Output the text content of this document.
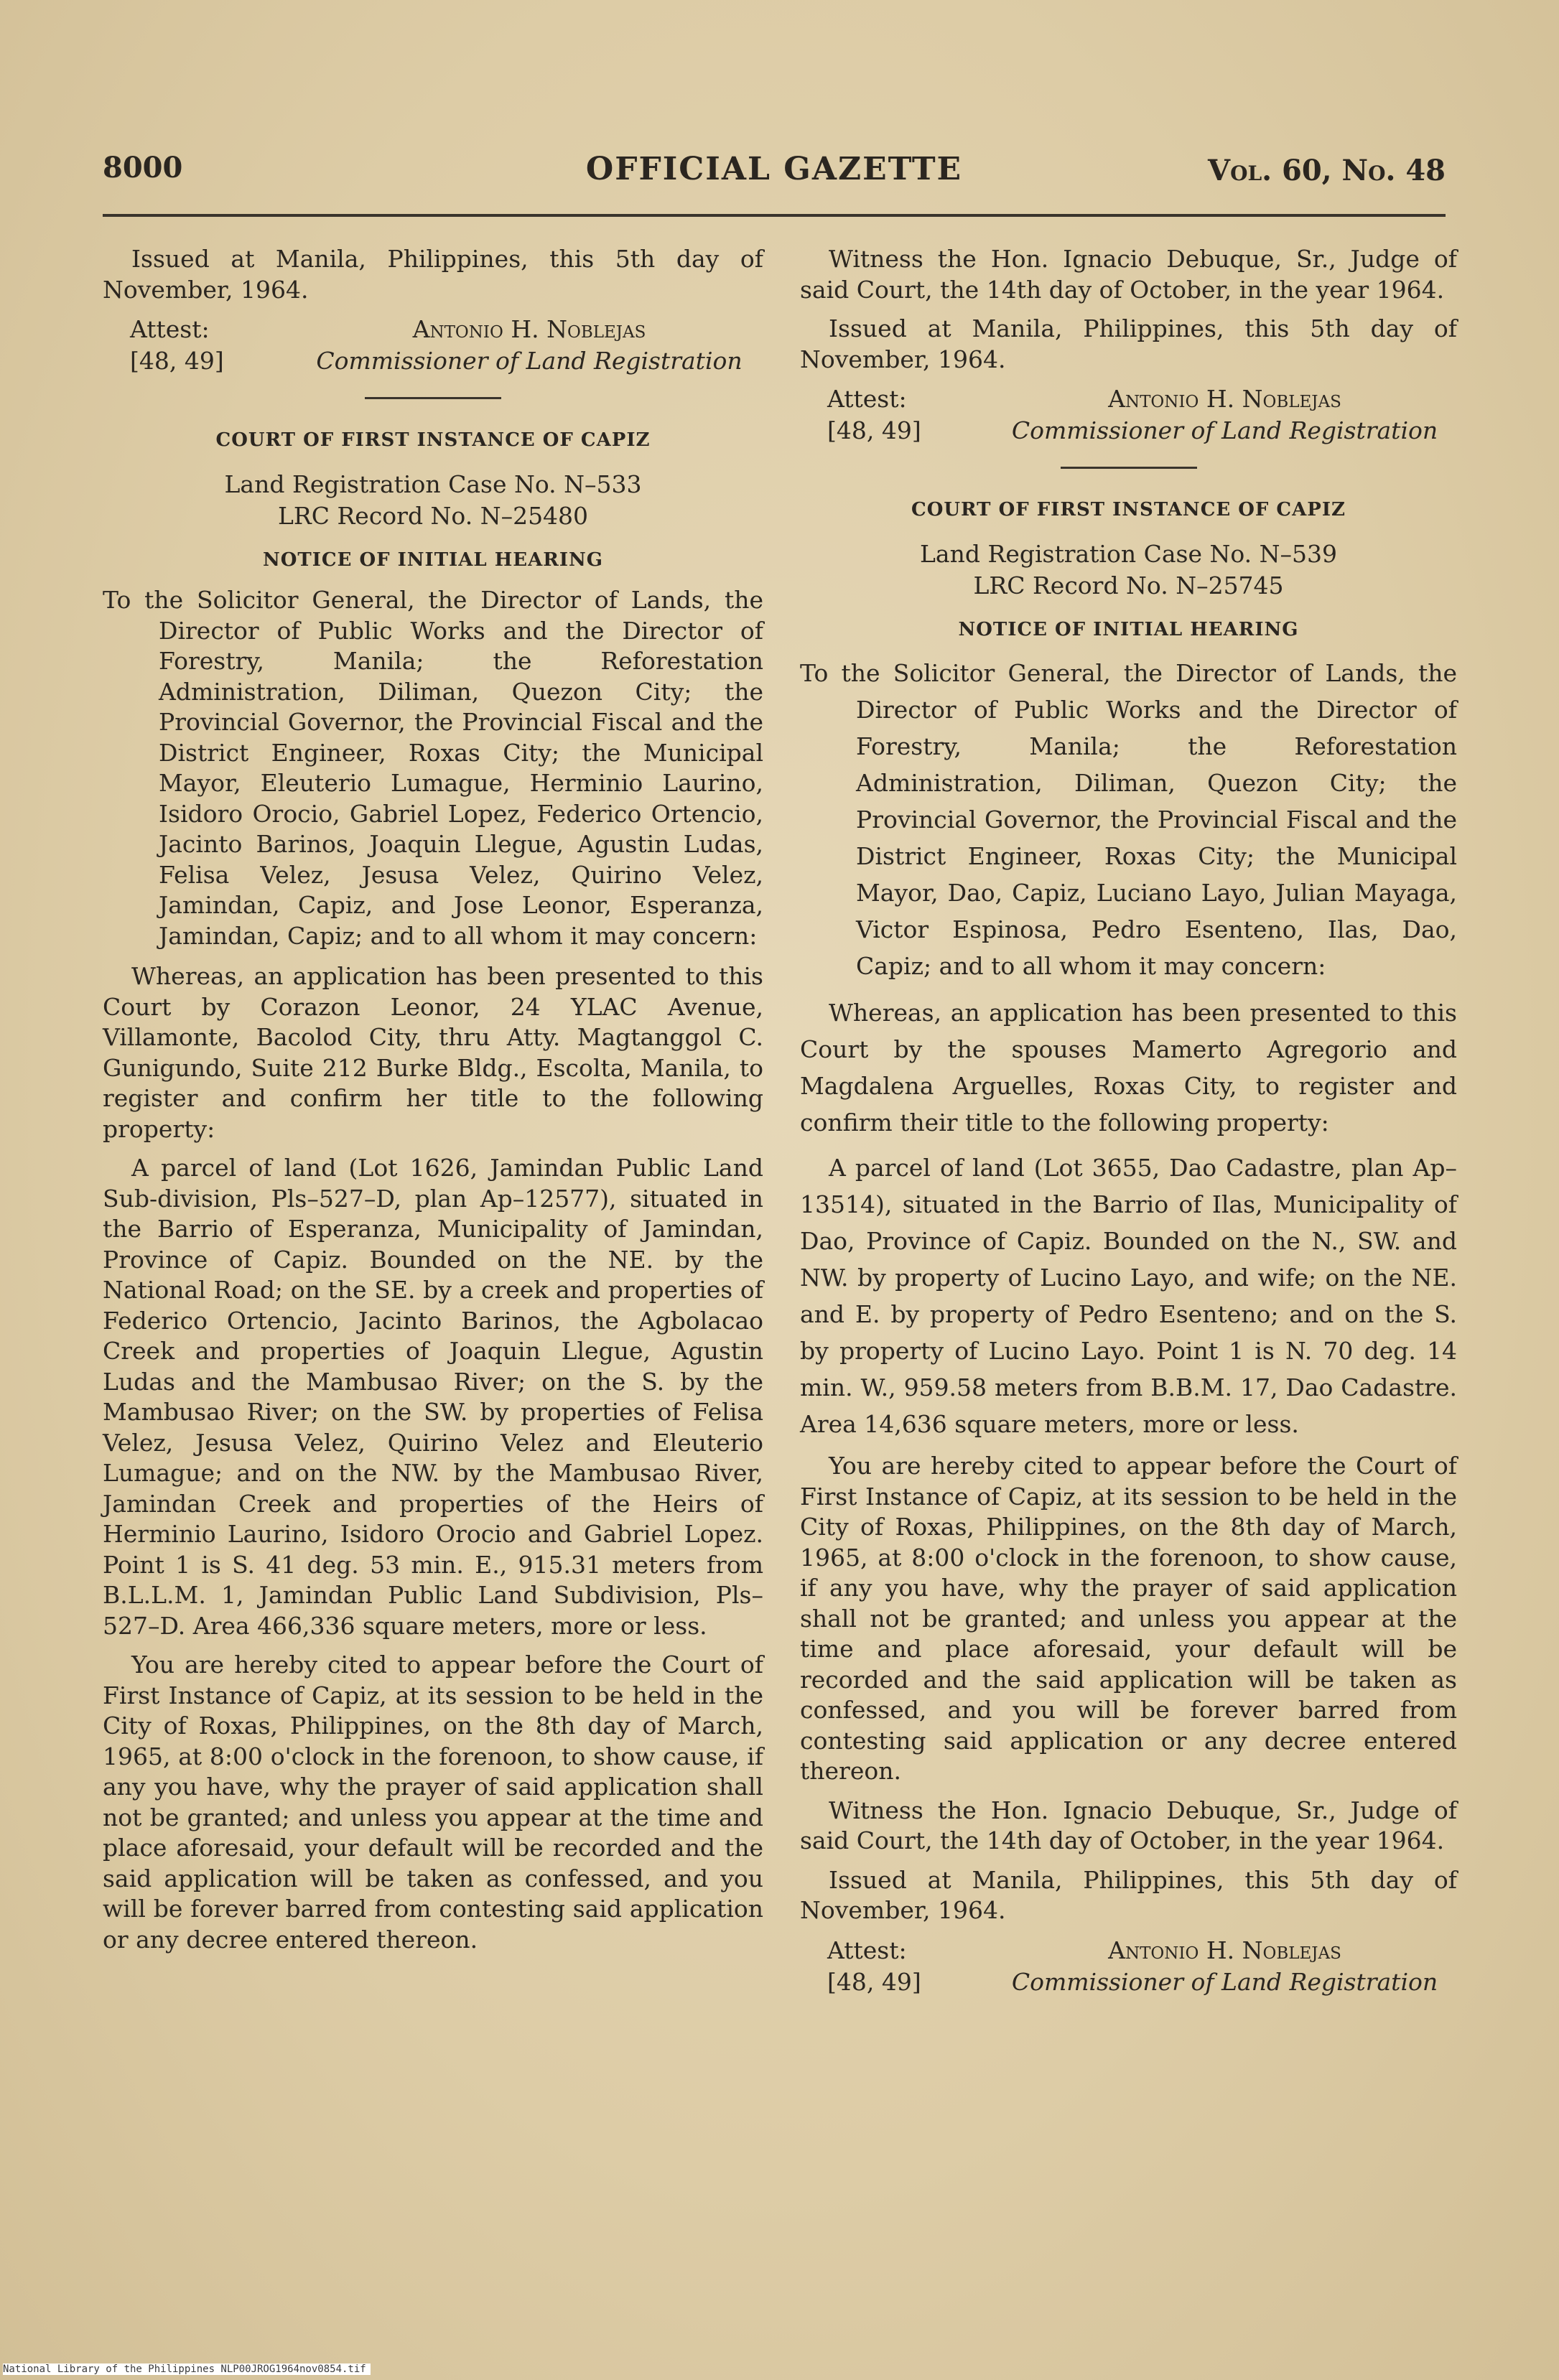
8000	OFFICIAL GAZETTE	Vol. 60, No. 48

Issued at Manila, Philippines, this 5th day of November, 1964.

Attest:	Antonio H. Noblejas
[48, 49]	Commissioner of Land Registration
COURT OF FIRST INSTANCE OF CAPIZ
Land Registration Case No. N–533
LRC Record No. N–25480
NOTICE OF INITIAL HEARING

To the Solicitor General, the Director of Lands, the Director of Public Works and the Director of Forestry, Manila; the Reforestation Administration, Diliman, Quezon City; the Provincial Governor, the Provincial Fiscal and the District Engineer, Roxas City; the Municipal Mayor, Eleuterio Lumague, Herminio Laurino, Isidoro Orocio, Gabriel Lopez, Federico Ortencio, Jacinto Barinos, Joaquin Llegue, Agustin Ludas, Felisa Velez, Jesusa Velez, Quirino Velez, Jamindan, Capiz, and Jose Leonor, Esperanza, Jamindan, Capiz; and to all whom it may concern:

Whereas, an application has been presented to this Court by Corazon Leonor, 24 YLAC Avenue, Villamonte, Bacolod City, thru Atty. Magtanggol C. Gunigundo, Suite 212 Burke Bldg., Escolta, Manila, to register and confirm her title to the following property:

A parcel of land (Lot 1626, Jamindan Public Land Sub-division, Pls–527–D, plan Ap–12577), situated in the Barrio of Esperanza, Municipality of Jamindan, Province of Capiz. Bounded on the NE. by the National Road; on the SE. by a creek and properties of Federico Ortencio, Jacinto Barinos, the Agbolacao Creek and properties of Joaquin Llegue, Agustin Ludas and the Mambusao River; on the S. by the Mambusao River; on the SW. by properties of Felisa Velez, Jesusa Velez, Quirino Velez and Eleuterio Lumague; and on the NW. by the Mambusao River, Jamindan Creek and properties of the Heirs of Herminio Laurino, Isidoro Orocio and Gabriel Lopez. Point 1 is S. 41 deg. 53 min. E., 915.31 meters from B.L.L.M. 1, Jamindan Public Land Subdivision, Pls–527–D. Area 466,336 square meters, more or less.

You are hereby cited to appear before the Court of First Instance of Capiz, at its session to be held in the City of Roxas, Philippines, on the 8th day of March, 1965, at 8:00 o'clock in the forenoon, to show cause, if any you have, why the prayer of said application shall not be granted; and unless you appear at the time and place aforesaid, your default will be recorded and the said application will be taken as confessed, and you will be forever barred from contesting said application or any decree entered thereon.

Witness the Hon. Ignacio Debuque, Sr., Judge of said Court, the 14th day of October, in the year 1964.

Issued at Manila, Philippines, this 5th day of November, 1964.

Attest:	Antonio H. Noblejas
[48, 49]	Commissioner of Land Registration
COURT OF FIRST INSTANCE OF CAPIZ
Land Registration Case No. N–539
LRC Record No. N–25745
NOTICE OF INITIAL HEARING

To the Solicitor General, the Director of Lands, the Director of Public Works and the Director of Forestry, Manila; the Reforestation Administration, Diliman, Quezon City; the Provincial Governor, the Provincial Fiscal and the District Engineer, Roxas City; the Municipal Mayor, Dao, Capiz, Luciano Layo, Julian Mayaga, Victor Espinosa, Pedro Esenteno, Ilas, Dao, Capiz; and to all whom it may concern:

Whereas, an application has been presented to this Court by the spouses Mamerto Agregorio and Magdalena Arguelles, Roxas City, to register and confirm their title to the following property:

A parcel of land (Lot 3655, Dao Cadastre, plan Ap–13514), situated in the Barrio of Ilas, Municipality of Dao, Province of Capiz. Bounded on the N., SW. and NW. by property of Lucino Layo, and wife; on the NE. and E. by property of Pedro Esenteno; and on the S. by property of Lucino Layo. Point 1 is N. 70 deg. 14 min. W., 959.58 meters from B.B.M. 17, Dao Cadastre. Area 14,636 square meters, more or less.

You are hereby cited to appear before the Court of First Instance of Capiz, at its session to be held in the City of Roxas, Philippines, on the 8th day of March, 1965, at 8:00 o'clock in the forenoon, to show cause, if any you have, why the prayer of said application shall not be granted; and unless you appear at the time and place aforesaid, your default will be recorded and the said application will be taken as confessed, and you will be forever barred from contesting said application or any decree entered thereon.

Witness the Hon. Ignacio Debuque, Sr., Judge of said Court, the 14th day of October, in the year 1964.

Issued at Manila, Philippines, this 5th day of November, 1964.

Attest:	Antonio H. Noblejas
[48, 49]	Commissioner of Land Registration
National Library of the Philippines NLP00JROG1964nov0854.tif
